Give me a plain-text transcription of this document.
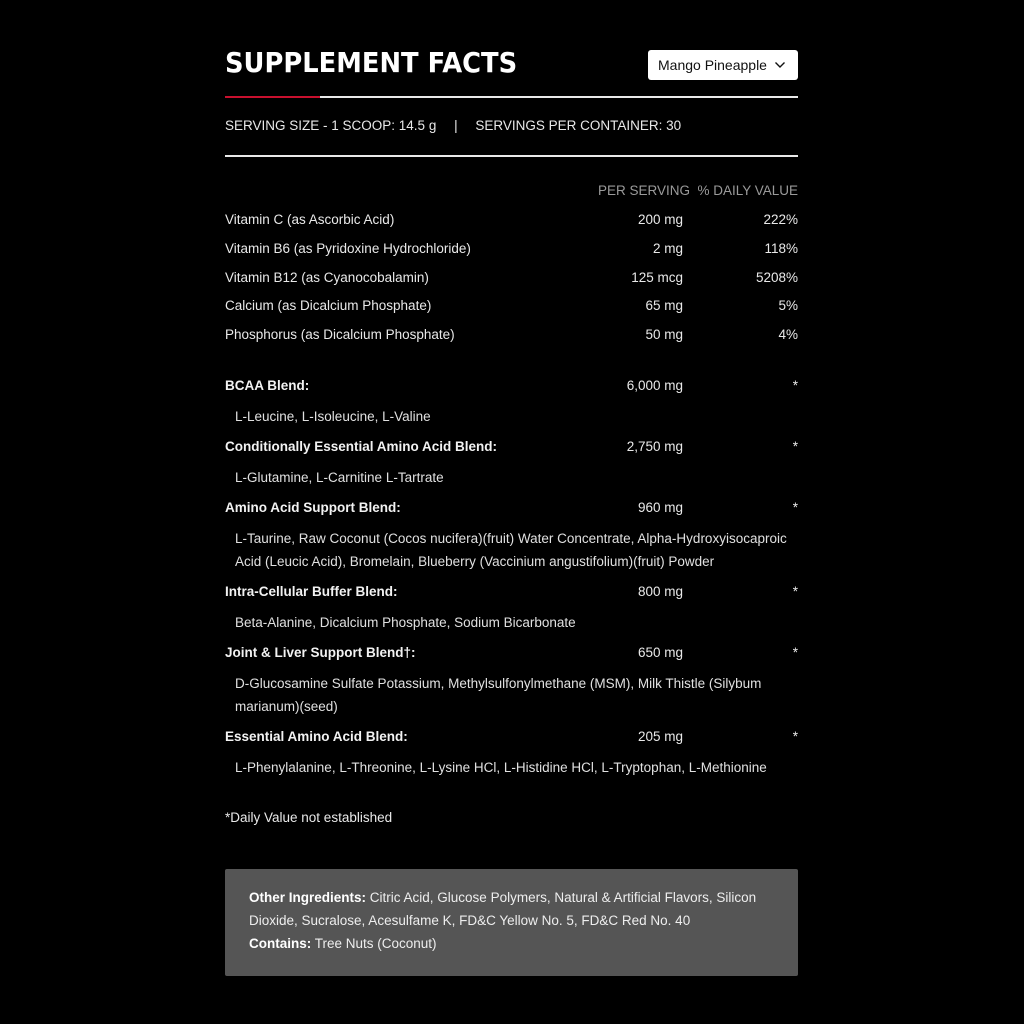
SUPPLEMENT FACTS	Mango Pineapple
SERVING SIZE - 1 SCOOP: 14.5 g | SERVINGS PER CONTAINER: 30
PER SERVING % DAILY VALUE
Vitamin C (as Ascorbic Acid)	200 mg	222%
Vitamin B6 (as Pyridoxine Hydrochloride)	2 mg	118%
Vitamin B12 (as Cyanocobalamin)	125 mcg	5208%
Calcium (as Dicalcium Phosphate)	65 mg	5%
Phosphorus (as Dicalcium Phosphate)	50 mg	4%
BCAA Blend:	6,000 mg	*
L-Leucine, L-Isoleucine, L-Valine
Conditionally Essential Amino Acid Blend:	2,750 mg	*
L-Glutamine, L-Carnitine L-Tartrate
Amino Acid Support Blend:	960 mg	*
L-Taurine, Raw Coconut (Cocos nucifera)(fruit) Water Concentrate, Alpha-Hydroxyisocaproic Acid (Leucic Acid), Bromelain, Blueberry (Vaccinium angustifolium)(fruit) Powder
Intra-Cellular Buffer Blend:	800 mg	*
Beta-Alanine, Dicalcium Phosphate, Sodium Bicarbonate
Joint & Liver Support Blend†:	650 mg	*
D-Glucosamine Sulfate Potassium, Methylsulfonylmethane (MSM), Milk Thistle (Silybum marianum)(seed)
Essential Amino Acid Blend:	205 mg	*
L-Phenylalanine, L-Threonine, L-Lysine HCl, L-Histidine HCl, L-Tryptophan, L-Methionine
*Daily Value not established
Other Ingredients: Citric Acid, Glucose Polymers, Natural & Artificial Flavors, Silicon Dioxide, Sucralose, Acesulfame K, FD&C Yellow No. 5, FD&C Red No. 40
Contains: Tree Nuts (Coconut)
